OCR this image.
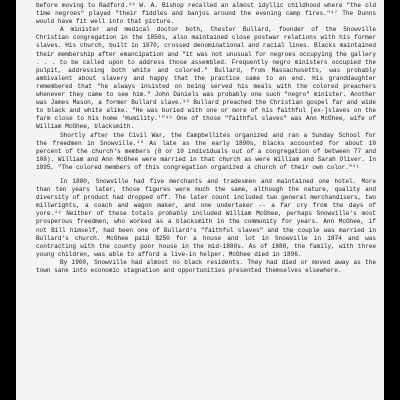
before moving to Radford.³⁶ W. A. Bishop recalled an almost idyllic childhood where "the old time negroes" played "their fiddles and banjos around the evening camp fires."³⁷ The Dunns would have fit well into that picture.

A minister and medical doctor both, Chester Bullard, founder of the Snowville Christian congregation in the 1850s, also maintained close postwar relations with his former slaves. His church, built in 1870, crossed denominational and racial lines. Blacks maintained their membership after emancipation and "it was not unusual for negroes occupying the gallery . . . to be called upon to address those assembled. Frequently negro ministers occupied the pulpit, addressing both white and colored." Bullard, from Massachusetts, was probably ambivalent about slavery and happy that the practice came to an end. His granddaughter remembered that "he always insisted on being served his meals with the colored preachers whenever they came to see him." John Daniels was probably one such "negro" minister. Another was James Mason, a former Bullard slave.³⁸ Bullard preached the Christian gospel far and wide to black and white alike. "He was buried with one or more of his faithful [ex-]slaves on the farm close to his home 'Humility.'"³⁹ One of those "faithful slaves" was Ann McGhee, wife of William McGhee, blacksmith.

Shortly after the Civil War, the Campbellites organized and ran a Sunday School for the freedmen in Snowville.⁴⁰ As late as the early 1890s, blacks accounted for about 10 percent of the church's members (8 or 10 individuals out of a congregation of between 77 and 108). William and Ann McGhee were married in that church as were William and Sarah Oliver. In 1895, "The colored members of this congregation organized a church of their own color."⁴¹

In 1880, Snowville had five merchants and tradesmen and maintained one hotel. More than ten years later, those figures were much the same, although the nature, quality and diversity of product had dropped off. The later count included two general merchandisers, two millwrights, a coach and wagon maker, and one undertaker -- a far cry from the days of yore.⁴² Neither of these totals probably included William McGhee, perhaps Snowville's most prosperous freedmen, who worked as a blacksmith in the community for years. Ann McGhee, if not Bill himself, had been one of Bullard's "faithful slaves" and the couple was married in Bullard's church. McGhee paid $250 for a house and lot in Snowville in 1874 and was contracting with the county poor house in the mid-1880s. As of 1880, the family, with three young children, was able to afford a live-in helper. McGhee died in 1896.

By 1900, Snowville had almost no black residents. They had died or moved away as the town sank into economic stagnation and opportunities presented themselves elsewhere.
